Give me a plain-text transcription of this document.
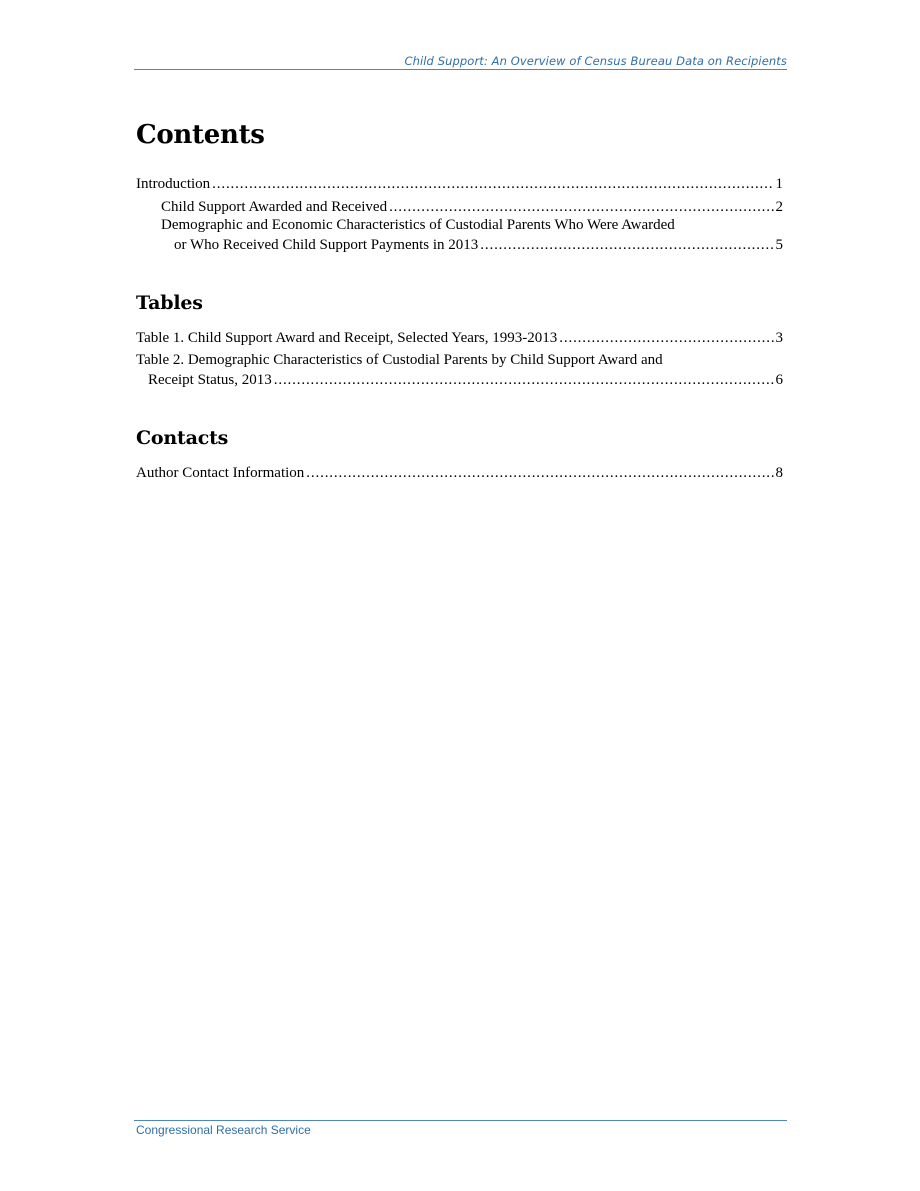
Child Support: An Overview of Census Bureau Data on Recipients
Contents
Introduction . . .	1
Child Support Awarded and Received . . .	2
Demographic and Economic Characteristics of Custodial Parents Who Were Awarded
or Who Received Child Support Payments in 2013 . . .	5
Tables
Table 1. Child Support Award and Receipt, Selected Years, 1993-2013 . . .	3
Table 2. Demographic Characteristics of Custodial Parents by Child Support Award and
Receipt Status, 2013 . . .	6
Contacts
Author Contact Information . . .	8
Congressional Research Service
